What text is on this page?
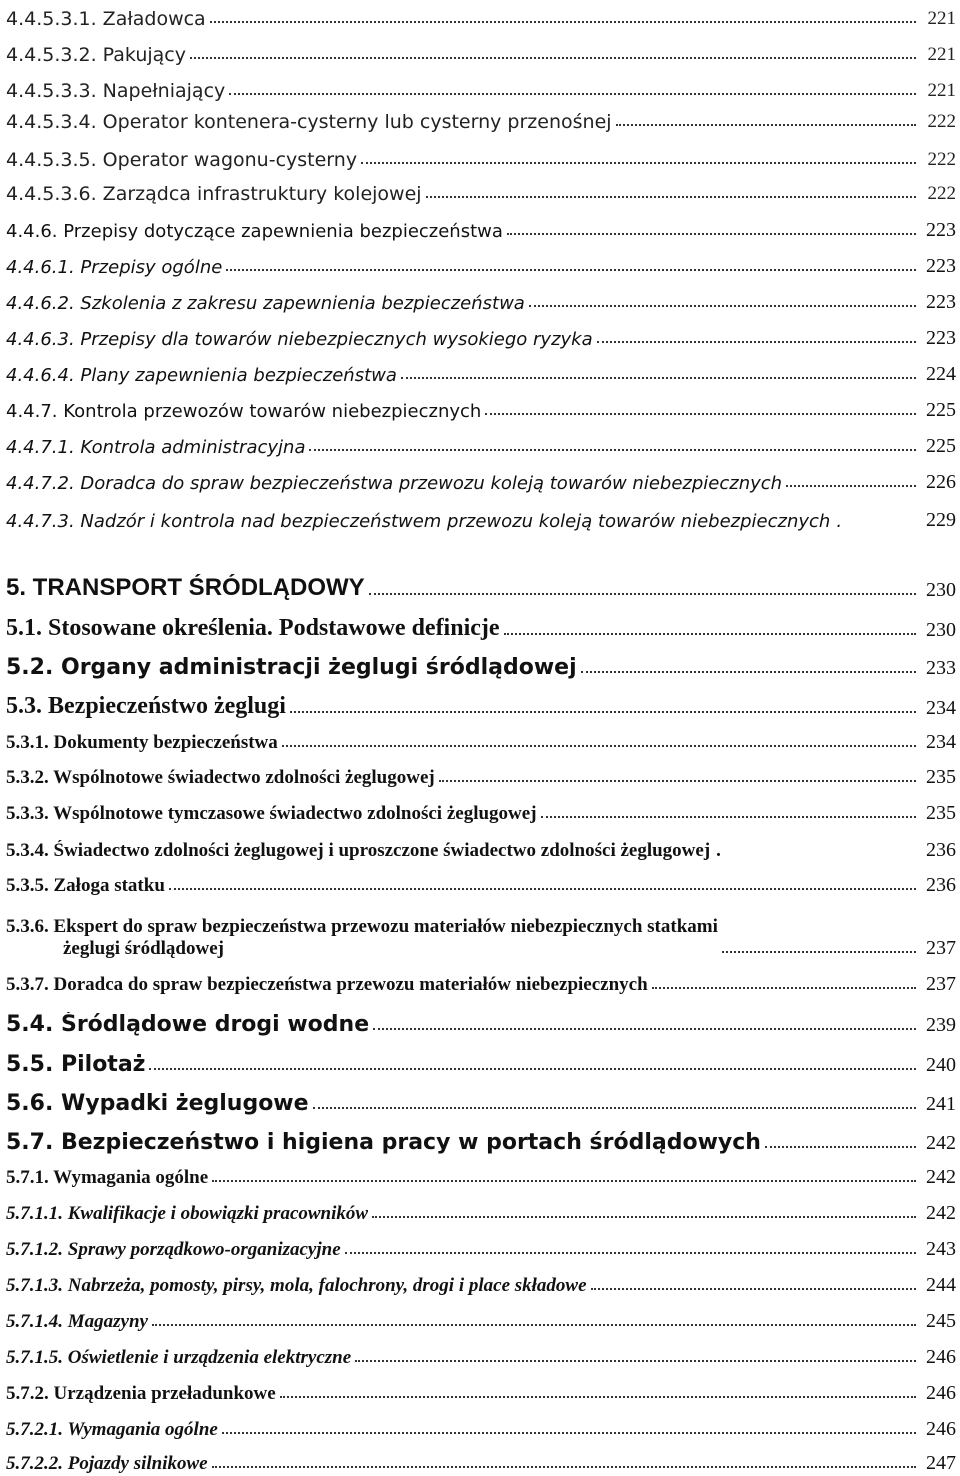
4.4.5.3.1. Załadowca	221
4.4.5.3.2. Pakujący	221
4.4.5.3.3. Napełniający	221
4.4.5.3.4. Operator kontenera-cysterny lub cysterny przenośnej	222
4.4.5.3.5. Operator wagonu-cysterny	222
4.4.5.3.6. Zarządca infrastruktury kolejowej	222
4.4.6. Przepisy dotyczące zapewnienia bezpieczeństwa	223
4.4.6.1. Przepisy ogólne	223
4.4.6.2. Szkolenia z zakresu zapewnienia bezpieczeństwa	223
4.4.6.3. Przepisy dla towarów niebezpiecznych wysokiego ryzyka	223
4.4.6.4. Plany zapewnienia bezpieczeństwa	224
4.4.7. Kontrola przewozów towarów niebezpiecznych	225
4.4.7.1. Kontrola administracyjna	225
4.4.7.2. Doradca do spraw bezpieczeństwa przewozu koleją towarów niebezpiecznych	226
4.4.7.3. Nadzór i kontrola nad bezpieczeństwem przewozu koleją towarów niebezpiecznych .	229
5. TRANSPORT ŚRÓDLĄDOWY	230
5.1. Stosowane określenia. Podstawowe definicje	230
5.2. Organy administracji żeglugi śródlądowej	233
5.3. Bezpieczeństwo żeglugi	234
5.3.1. Dokumenty bezpieczeństwa	234
5.3.2. Wspólnotowe świadectwo zdolności żeglugowej	235
5.3.3. Wspólnotowe tymczasowe świadectwo zdolności żeglugowej	235
5.3.4. Świadectwo zdolności żeglugowej i uproszczone świadectwo zdolności żeglugowej .	236
5.3.5. Załoga statku	236
5.3.6. Ekspert do spraw bezpieczeństwa przewozu materiałów niebezpiecznych statkami
żeglugi śródlądowej	237
5.3.7. Doradca do spraw bezpieczeństwa przewozu materiałów niebezpiecznych	237
5.4. Śródlądowe drogi wodne	239
5.5. Pilotaż	240
5.6. Wypadki żeglugowe	241
5.7. Bezpieczeństwo i higiena pracy w portach śródlądowych	242
5.7.1. Wymagania ogólne	242
5.7.1.1. Kwalifikacje i obowiązki pracowników	242
5.7.1.2. Sprawy porządkowo-organizacyjne	243
5.7.1.3. Nabrzeża, pomosty, pirsy, mola, falochrony, drogi i place składowe	244
5.7.1.4. Magazyny	245
5.7.1.5. Oświetlenie i urządzenia elektryczne	246
5.7.2. Urządzenia przeładunkowe	246
5.7.2.1. Wymagania ogólne	246
5.7.2.2. Pojazdy silnikowe	247
